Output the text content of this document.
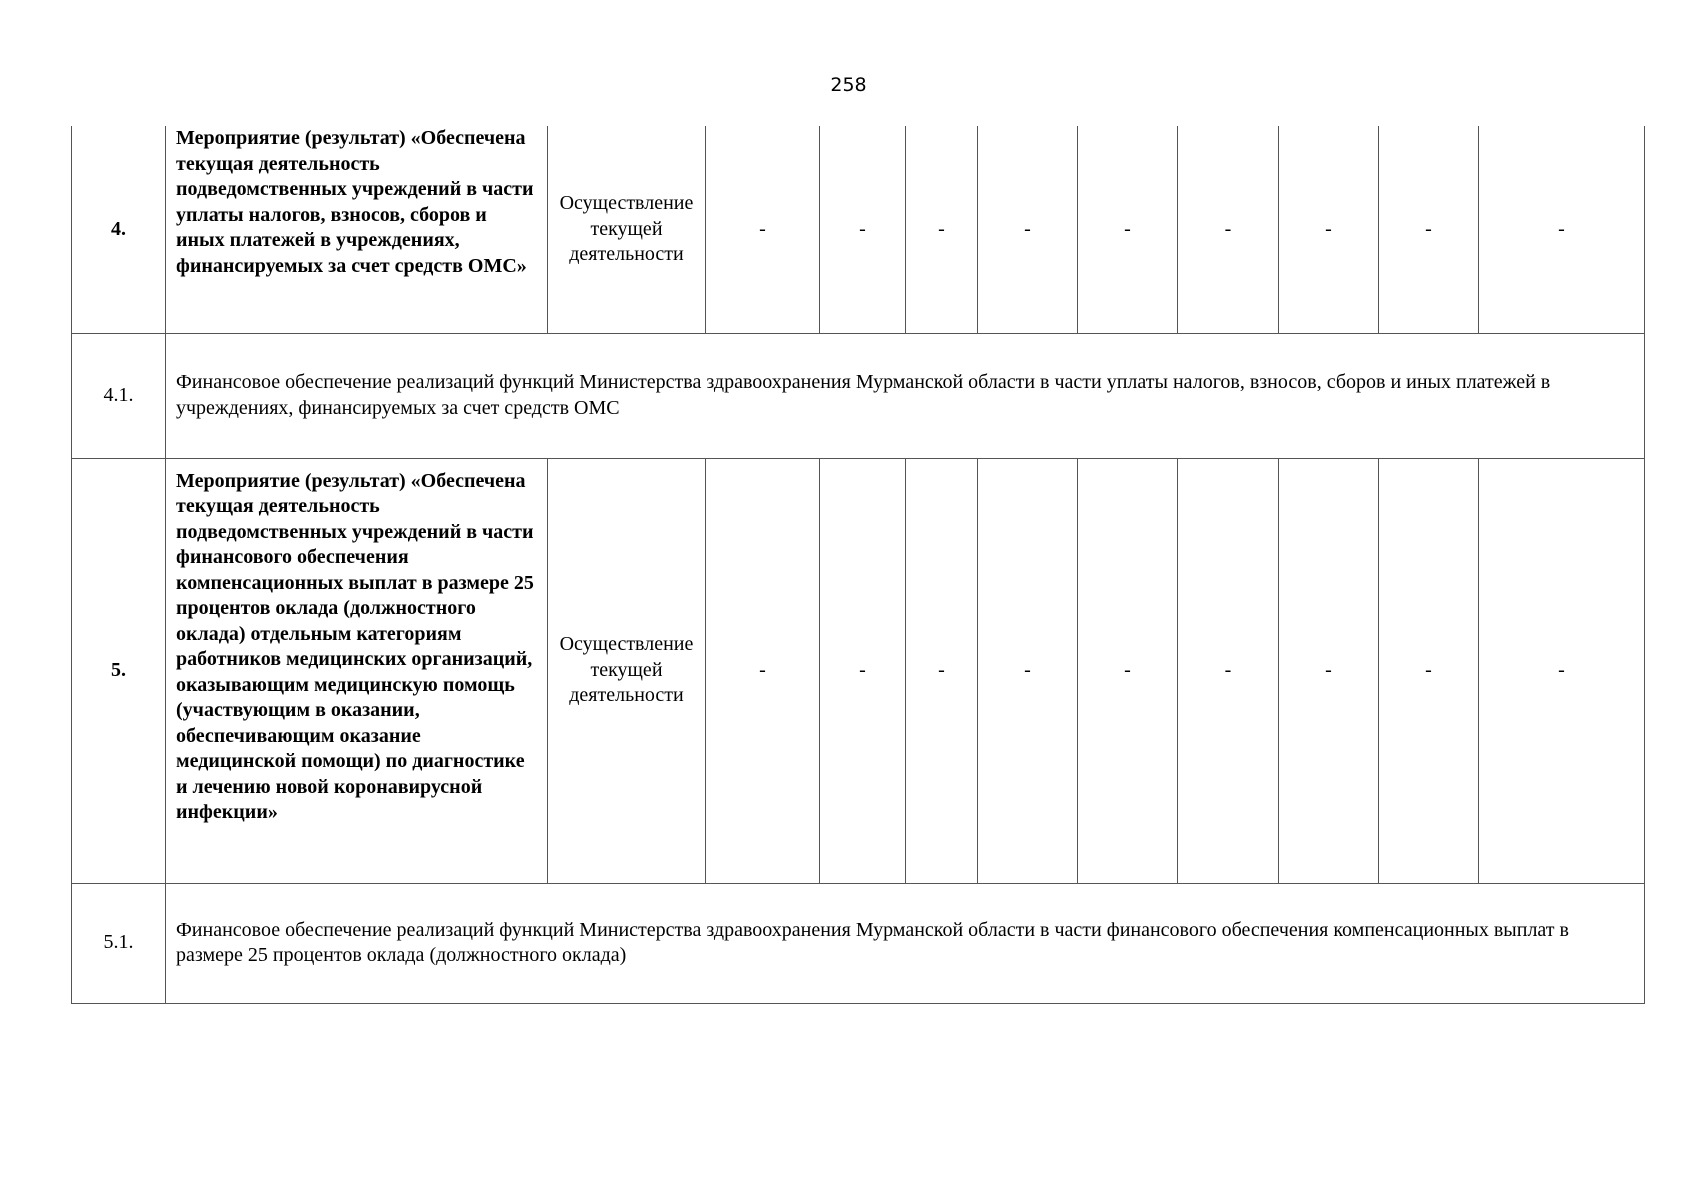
258
4.	Мероприятие (результат) «Обеспечена текущая деятельность подведомственных учреждений в части уплаты налогов, взносов, сборов и иных платежей в учреждениях, финансируемых за счет средств ОМС»	Осуществление текущей деятельности	-	-	-	-	-	-	-	-	-
4.1.	Финансовое обеспечение реализаций функций Министерства здравоохранения Мурманской области в части уплаты налогов, взносов, сборов и иных платежей в учреждениях, финансируемых за счет средств ОМС										
5.	Мероприятие (результат) «Обеспечена текущая деятельность подведомственных учреждений в части финансового обеспечения компенсационных выплат в размере 25 процентов оклада (должностного оклада) отдельным категориям работников медицинских организаций, оказывающим медицинскую помощь (участвующим в оказании, обеспечивающим оказание медицинской помощи) по диагностике и лечению новой коронавирусной инфекции»	Осуществление текущей деятельности	-	-	-	-	-	-	-	-	-
5.1.	Финансовое обеспечение реализаций функций Министерства здравоохранения Мурманской области в части финансового обеспечения компенсационных выплат в размере 25 процентов оклада (должностного оклада)										
